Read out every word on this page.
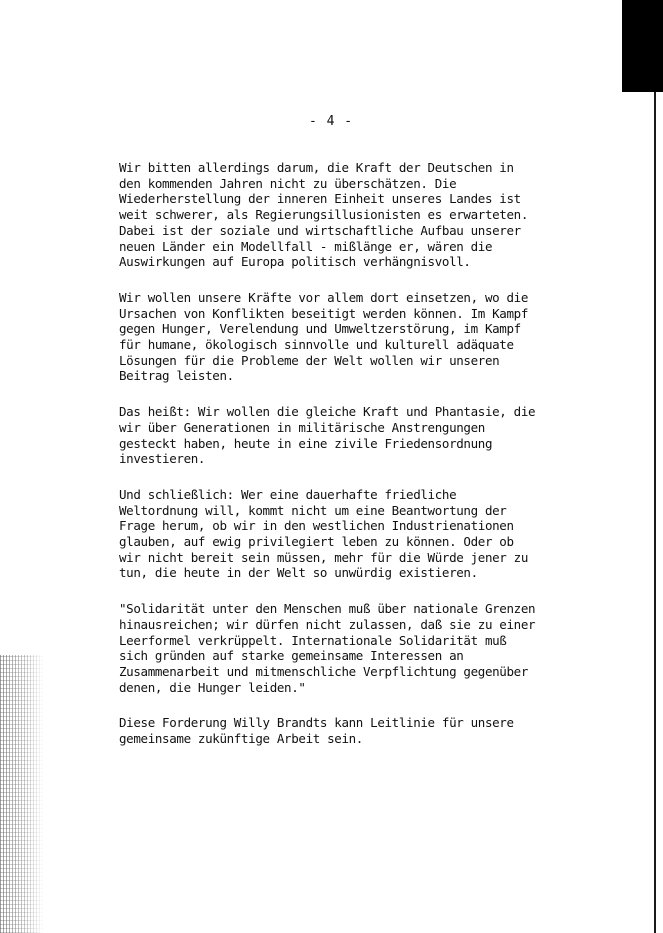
- 4 -
Wir bitten allerdings darum, die Kraft der Deutschen in
den kommenden Jahren nicht zu überschätzen. Die
Wiederherstellung der inneren Einheit unseres Landes ist
weit schwerer, als Regierungsillusionisten es erwarteten.
Dabei ist der soziale und wirtschaftliche Aufbau unserer
neuen Länder ein Modellfall - mißlänge er, wären die
Auswirkungen auf Europa politisch verhängnisvoll.
Wir wollen unsere Kräfte vor allem dort einsetzen, wo die
Ursachen von Konflikten beseitigt werden können. Im Kampf
gegen Hunger, Verelendung und Umweltzerstörung, im Kampf
für humane, ökologisch sinnvolle und kulturell adäquate
Lösungen für die Probleme der Welt wollen wir unseren
Beitrag leisten.
Das heißt: Wir wollen die gleiche Kraft und Phantasie, die
wir über Generationen in militärische Anstrengungen
gesteckt haben, heute in eine zivile Friedensordnung
investieren.
Und schließlich: Wer eine dauerhafte friedliche
Weltordnung will, kommt nicht um eine Beantwortung der
Frage herum, ob wir in den westlichen Industrienationen
glauben, auf ewig privilegiert leben zu können. Oder ob
wir nicht bereit sein müssen, mehr für die Würde jener zu
tun, die heute in der Welt so unwürdig existieren.
"Solidarität unter den Menschen muß über nationale Grenzen
hinausreichen; wir dürfen nicht zulassen, daß sie zu einer
Leerformel verkrüppelt. Internationale Solidarität muß
sich gründen auf starke gemeinsame Interessen an
Zusammenarbeit und mitmenschliche Verpflichtung gegenüber
denen, die Hunger leiden."
Diese Forderung Willy Brandts kann Leitlinie für unsere
gemeinsame zukünftige Arbeit sein.
